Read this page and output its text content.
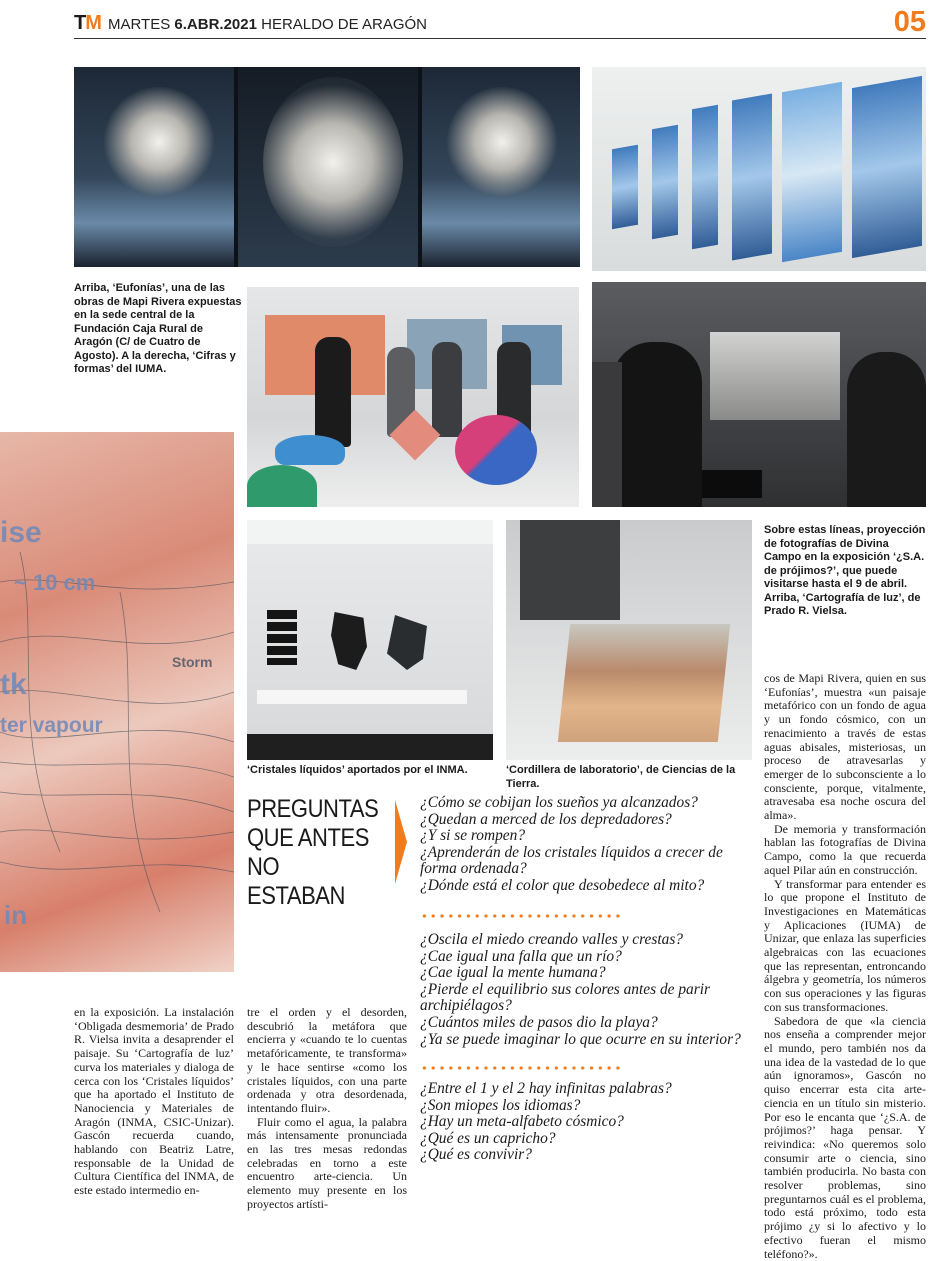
TM MARTES 6.ABR.2021 HERALDO DE ARAGÓN	05
Arriba, ‘Eufonías’, una de las obras de Mapi Rivera expuestas en la sede central de la Fundación Caja Rural de Aragón (C/ de Cuatro de Agosto). A la derecha, ‘Cifras y formas’ del IUMA.
Sobre estas líneas, proyección de fotografías de Divina Campo en la exposición ‘¿S.A. de prójimos?’, que puede visitarse hasta el 9 de abril. Arriba, ‘Cartografía de luz’, de Prado R. Vielsa.
ise
~ 10 cm
Storm
tk
ter vapour
in
‘Cristales líquidos’ aportados por el INMA.	‘Cordillera de laboratorio’, de Ciencias de la Tierra.
PREGUNTAS QUE ANTES NO ESTABAN
¿Cómo se cobijan los sueños ya alcanzados?
¿Quedan a merced de los depredadores?
¿Y si se rompen?
¿Aprenderán de los cristales líquidos a crecer de forma ordenada?
¿Dónde está el color que desobedece al mito?
¿Oscila el miedo creando valles y crestas?
¿Cae igual una falla que un río?
¿Cae igual la mente humana?
¿Pierde el equilibrio sus colores antes de parir archipiélagos?
¿Cuántos miles de pasos dio la playa?
¿Ya se puede imaginar lo que ocurre en su interior?
¿Entre el 1 y el 2 hay infinitas palabras?
¿Son miopes los idiomas?
¿Hay un meta-alfabeto cósmico?
¿Qué es un capricho?
¿Qué es convivir?

en la exposición. La instalación ‘Obligada desmemoria’ de Prado R. Vielsa invita a desaprender el paisaje. Su ‘Cartografía de luz’ curva los materiales y dialoga de cerca con los ‘Cristales líquidos’ que ha aportado el Instituto de Nanociencia y Materiales de Aragón (INMA, CSIC-Unizar). Gascón recuerda cuando, hablando con Beatriz Latre, responsable de la Unidad de Cultura Científica del INMA, de este estado intermedio en-

tre el orden y el desorden, descubrió la metáfora que encierra y «cuando te lo cuentas metafóricamente, te transforma» y le hace sentirse «como los cristales líquidos, con una parte ordenada y otra desordenada, intentando fluir».

Fluir como el agua, la palabra más intensamente pronunciada en las tres mesas redondas celebradas en torno a este encuentro arte-ciencia. Un elemento muy presente en los proyectos artísti-

cos de Mapi Rivera, quien en sus ‘Eufonías’, muestra «un paisaje metafórico con un fondo de agua y un fondo cósmico, con un renacimiento a través de estas aguas abisales, misteriosas, un proceso de atravesarlas y emerger de lo subconsciente a lo consciente, porque, vitalmente, atravesaba esa noche oscura del alma».

De memoria y transformación hablan las fotografías de Divina Campo, como la que recuerda aquel Pilar aún en construcción.

Y transformar para entender es lo que propone el Instituto de Investigaciones en Matemáticas y Aplicaciones (IUMA) de Unizar, que enlaza las superficies algebraicas con las ecuaciones que las representan, entroncando álgebra y geometría, los números con sus operaciones y las figuras con sus transformaciones.

Sabedora de que «la ciencia nos enseña a comprender mejor el mundo, pero también nos da una idea de la vastedad de lo que aún ignoramos», Gascón no quiso encerrar esta cita arte-ciencia en un título sin misterio. Por eso le encanta que ‘¿S.A. de prójimos?’ haga pensar. Y reivindica: «No queremos solo consumir arte o ciencia, sino también producirla. No basta con resolver problemas, sino preguntarnos cuál es el problema, todo está próximo, todo esta prójimo ¿y si lo afectivo y lo efectivo fueran el mismo teléfono?».
